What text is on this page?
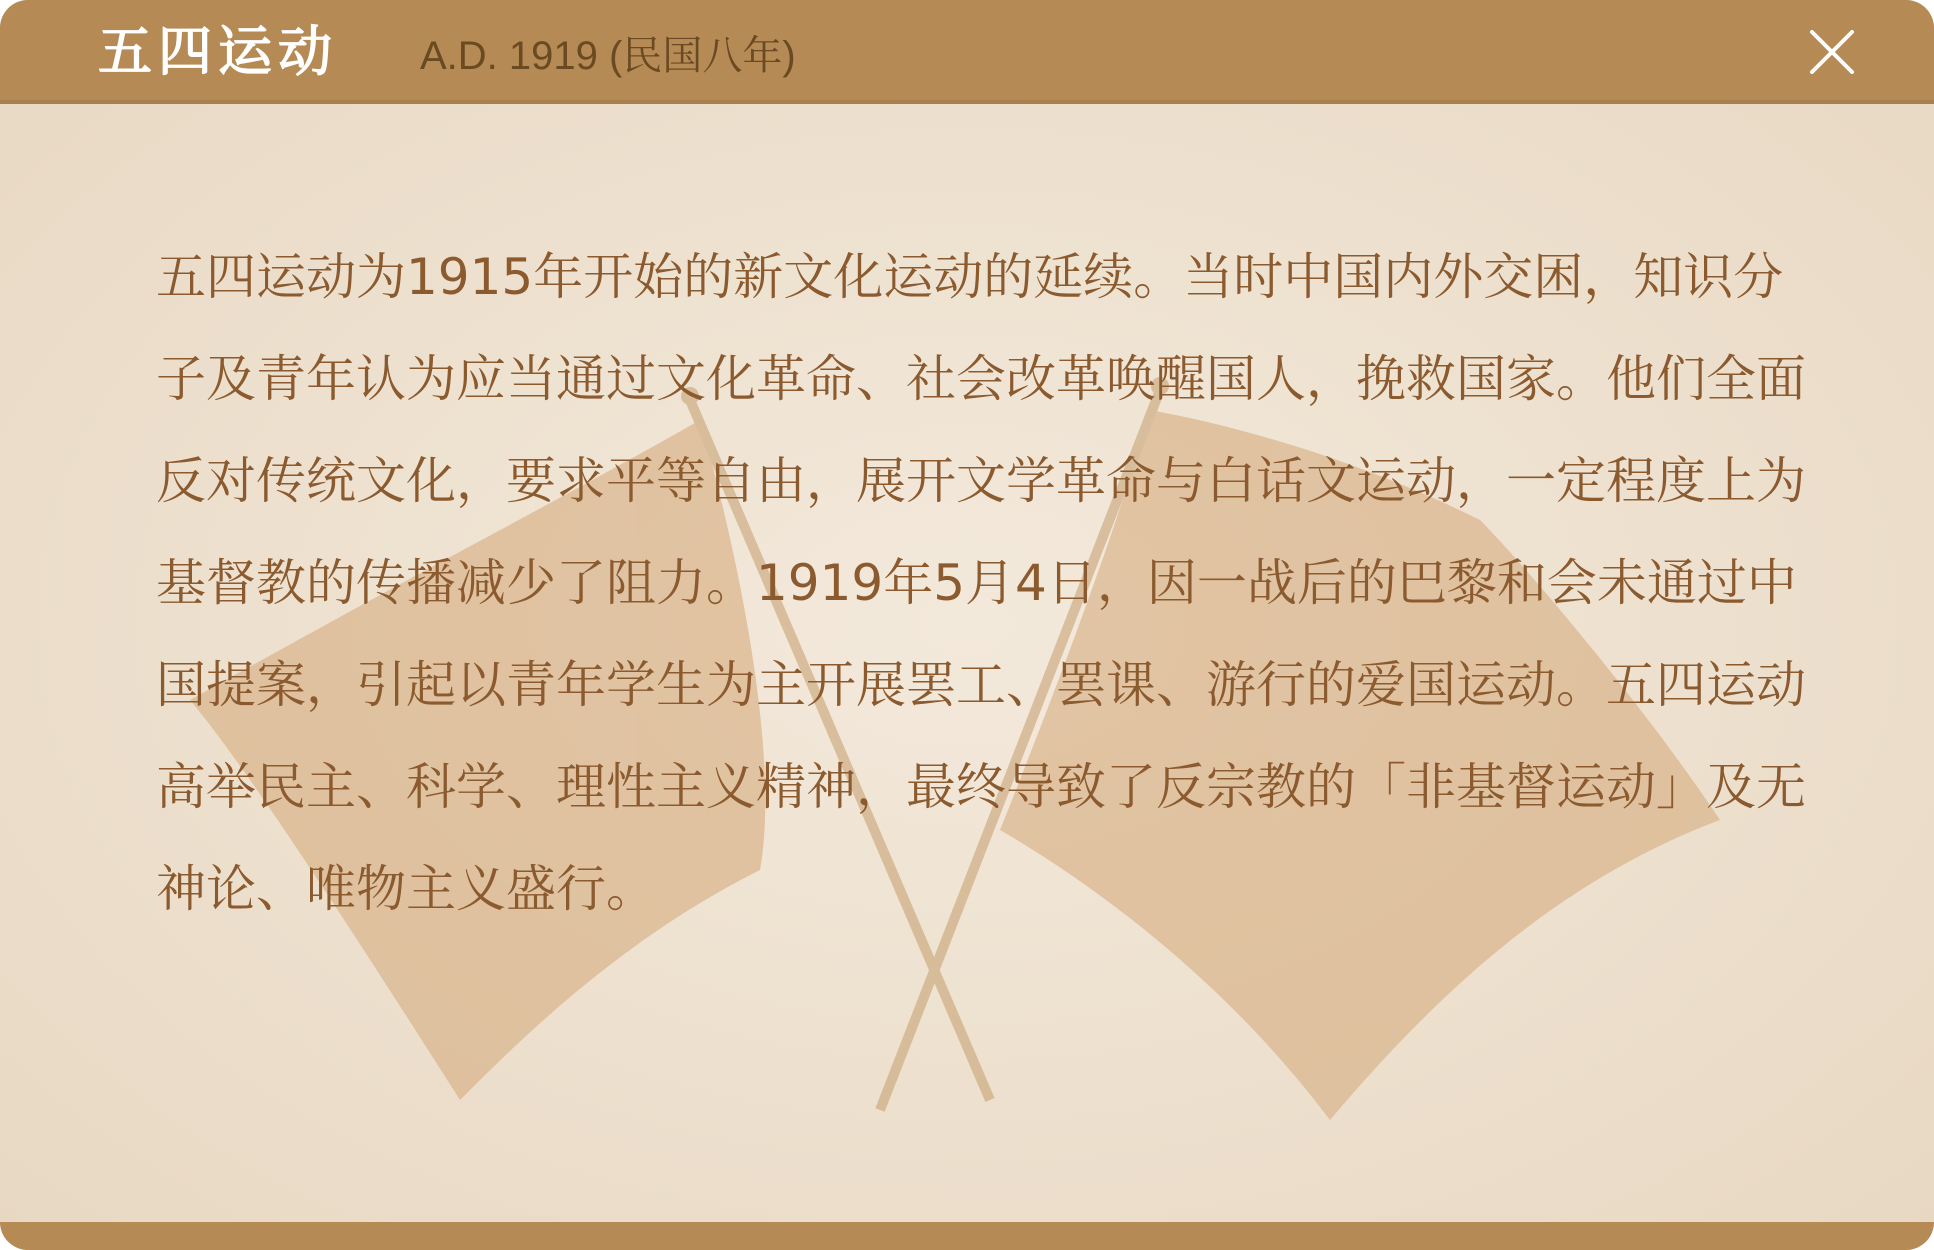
五四运动 A.D. 1919 (民国八年)

五四运动为1915年开始的新文化运动的延续。当时中国内外交困，知识分子及青年认为应当通过文化革命、社会改革唤醒国人，挽救国家。他们全面反对传统文化，要求平等自由，展开文学革命与白话文运动，一定程度上为基督教的传播减少了阻力。1919年5月4日，因一战后的巴黎和会未通过中国提案，引起以青年学生为主开展罢工、罢课、游行的爱国运动。五四运动高举民主、科学、理性主义精神，最终导致了反宗教的「非基督运动」及无神论、唯物主义盛行。
